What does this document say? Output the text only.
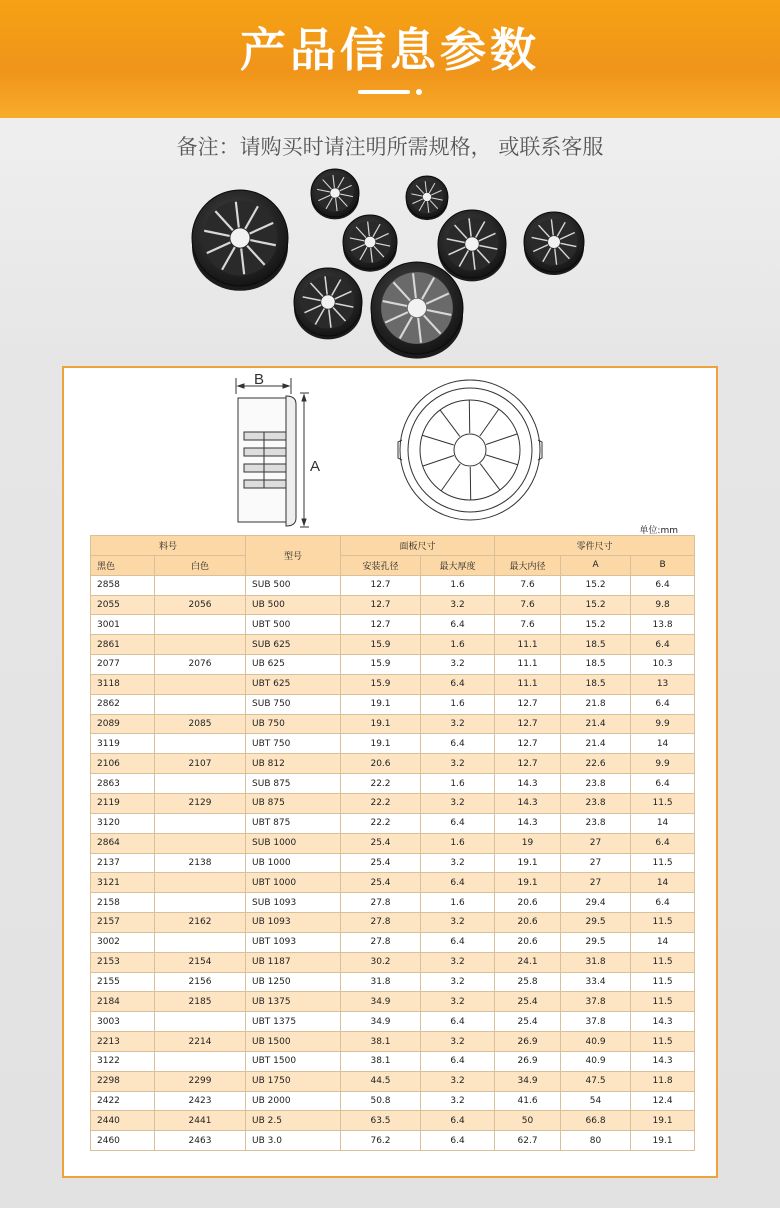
产品信息参数
备注：请购买时请注明所需规格， 或联系客服
B
A
单位:mm
料号		型号	面板尺寸		零件尺寸		
黑色	白色		安装孔径	最大厚度	最大内径	A	B
2858		SUB 500	12.7	1.6	7.6	15.2	6.4
2055	2056	UB 500	12.7	3.2	7.6	15.2	9.8
3001		UBT 500	12.7	6.4	7.6	15.2	13.8
2861		SUB 625	15.9	1.6	11.1	18.5	6.4
2077	2076	UB 625	15.9	3.2	11.1	18.5	10.3
3118		UBT 625	15.9	6.4	11.1	18.5	13
2862		SUB 750	19.1	1.6	12.7	21.8	6.4
2089	2085	UB 750	19.1	3.2	12.7	21.4	9.9
3119		UBT 750	19.1	6.4	12.7	21.4	14
2106	2107	UB 812	20.6	3.2	12.7	22.6	9.9
2863		SUB 875	22.2	1.6	14.3	23.8	6.4
2119	2129	UB 875	22.2	3.2	14.3	23.8	11.5
3120		UBT 875	22.2	6.4	14.3	23.8	14
2864		SUB 1000	25.4	1.6	19	27	6.4
2137	2138	UB 1000	25.4	3.2	19.1	27	11.5
3121		UBT 1000	25.4	6.4	19.1	27	14
2158		SUB 1093	27.8	1.6	20.6	29.4	6.4
2157	2162	UB 1093	27.8	3.2	20.6	29.5	11.5
3002		UBT 1093	27.8	6.4	20.6	29.5	14
2153	2154	UB 1187	30.2	3.2	24.1	31.8	11.5
2155	2156	UB 1250	31.8	3.2	25.8	33.4	11.5
2184	2185	UB 1375	34.9	3.2	25.4	37.8	11.5
3003		UBT 1375	34.9	6.4	25.4	37.8	14.3
2213	2214	UB 1500	38.1	3.2	26.9	40.9	11.5
3122		UBT 1500	38.1	6.4	26.9	40.9	14.3
2298	2299	UB 1750	44.5	3.2	34.9	47.5	11.8
2422	2423	UB 2000	50.8	3.2	41.6	54	12.4
2440	2441	UB 2.5	63.5	6.4	50	66.8	19.1
2460	2463	UB 3.0	76.2	6.4	62.7	80	19.1
